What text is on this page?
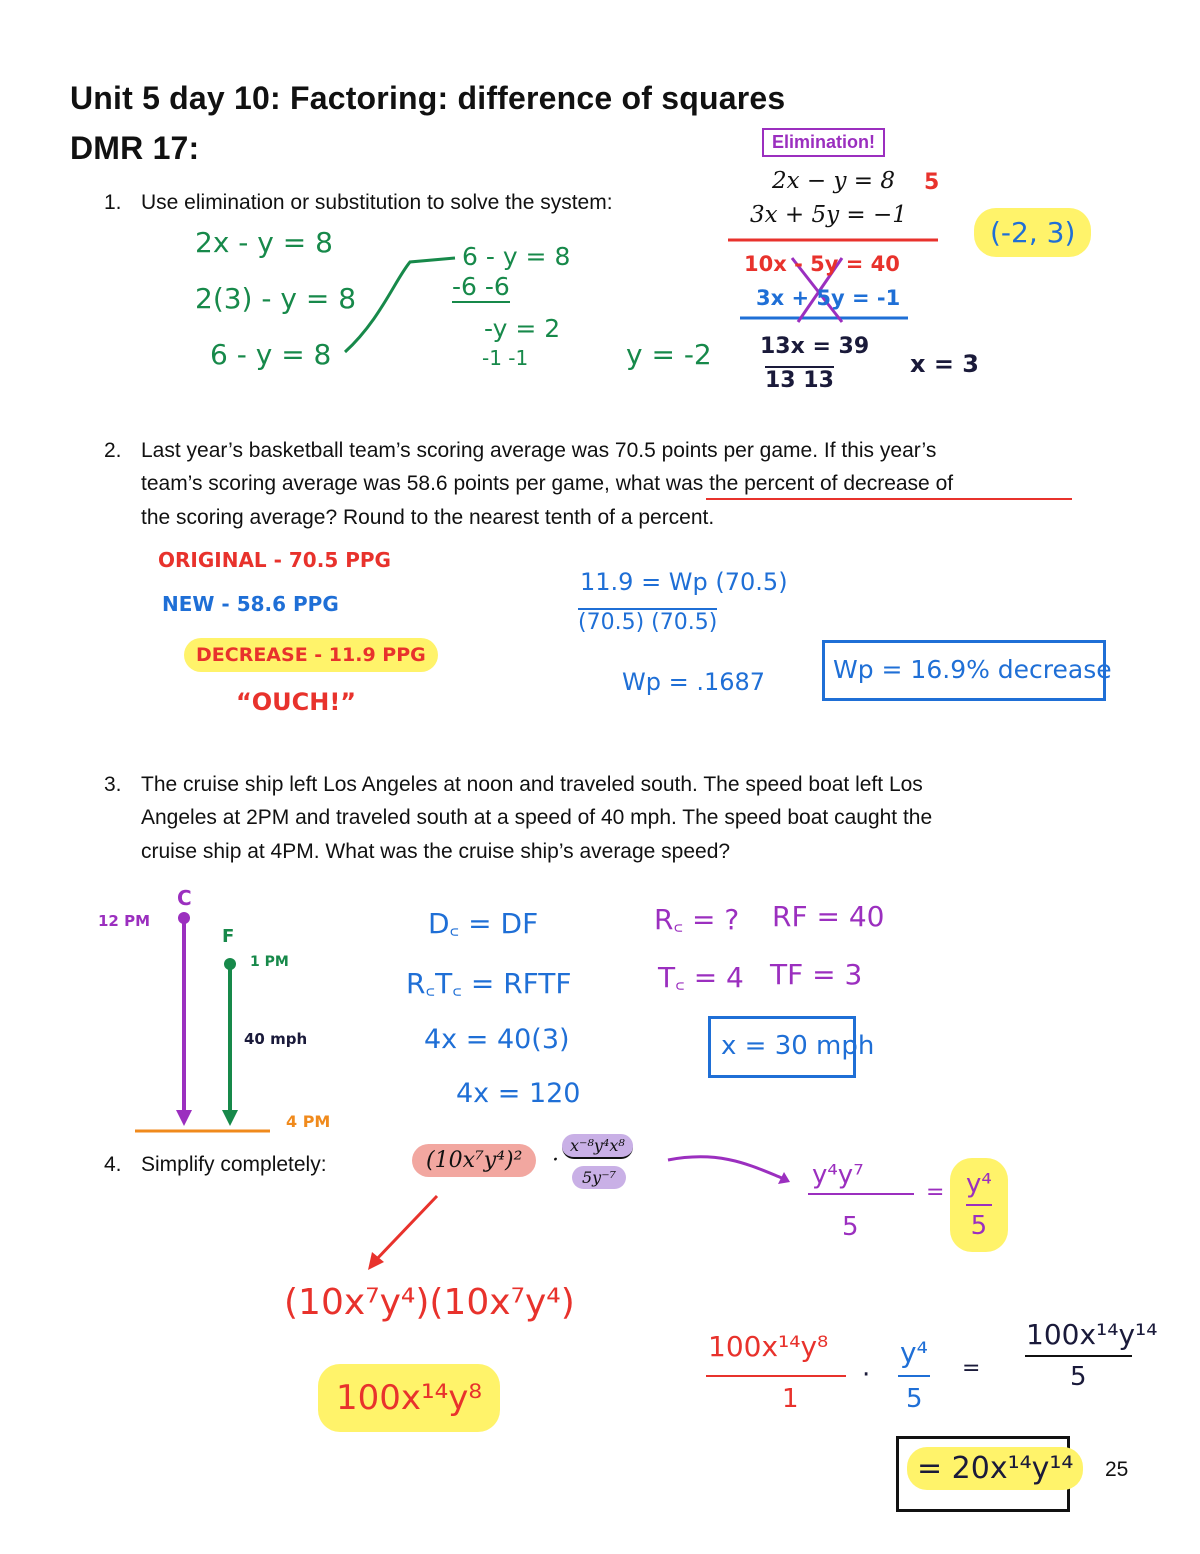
Unit 5 day 10: Factoring: difference of squares
DMR 17:
25
1. Use elimination or substitution to solve the system:
Elimination!
2x − y = 8
3x + 5y = −1
5
2x - y = 8
2(3) - y = 8
6 - y = 8
6 - y = 8
-6 -6
-y = 2
-1 -1	y = -2
10x - 5y = 40
3x + 5y = -1
13x = 39
13 13
x = 3
(-2, 3)
2. Last year’s basketball team’s scoring average was 70.5 points per game. If this year’s
team’s scoring average was 58.6 points per game, what was the percent of decrease of
the scoring average? Round to the nearest tenth of a percent.
ORIGINAL - 70.5 PPG
NEW - 58.6 PPG
DECREASE - 11.9 PPG
“OUCH!”
11.9 = Wp (70.5)
(70.5) (70.5)
Wp = .1687	Wp = 16.9% decrease
3. The cruise ship left Los Angeles at noon and traveled south. The speed boat left Los
Angeles at 2PM and traveled south at a speed of 40 mph. The speed boat caught the
cruise ship at 4PM. What was the cruise ship’s average speed?
C
F
12 PM
1 PM
40 mph
4 PM
D꜀ = DF
R꜀T꜀ = RFTF
4x = 40(3)
4x = 120
R꜀ = ? RF = 40
T꜀ = 4 TF = 3
x = 30 mph
4. Simplify completely:	(10x⁷y⁴)²	·
x⁻⁸y⁴x⁸
5y⁻⁷	y⁴y⁷
5
= y⁴
5
(10x⁷y⁴)(10x⁷y⁴)
100x¹⁴y⁸
100x¹⁴y⁸
1
·
y⁴
5
=
100x¹⁴y¹⁴
5
= 20x¹⁴y¹⁴
